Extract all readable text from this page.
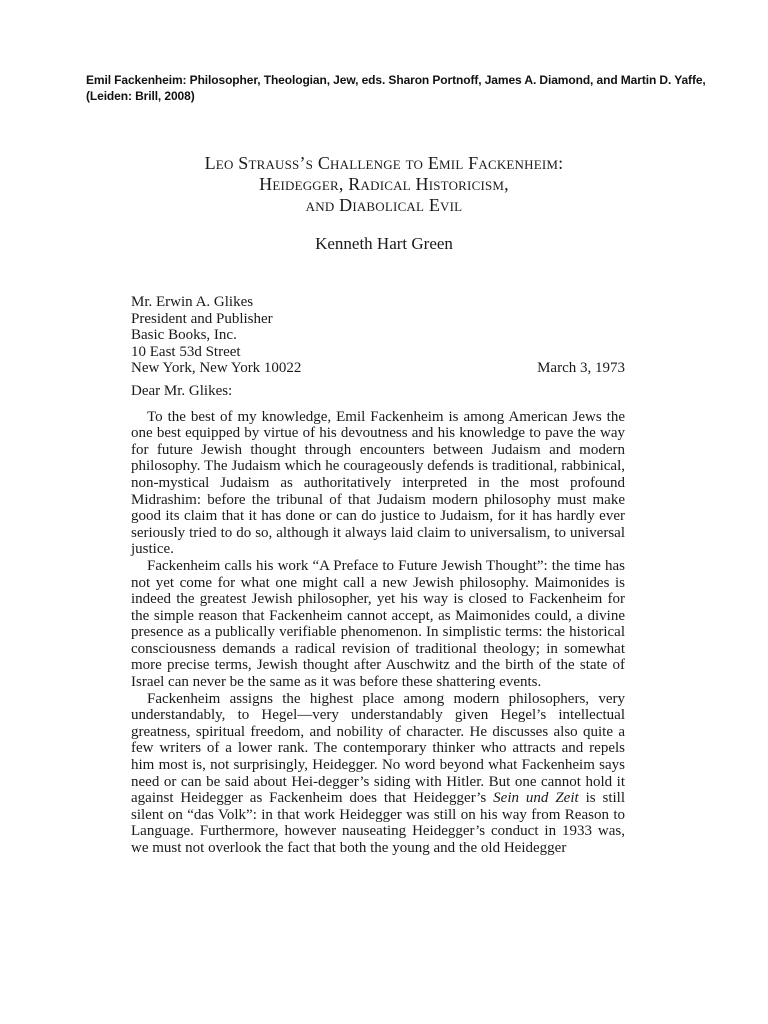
Emil Fackenheim: Philosopher, Theologian, Jew, eds. Sharon Portnoff, James A. Diamond, and Martin D. Yaffe,
(Leiden: Brill, 2008)
Leo Strauss’s Challenge to Emil Fackenheim:
Heidegger, Radical Historicism,
and Diabolical Evil
Kenneth Hart Green
Mr. Erwin A. Glikes
President and Publisher
Basic Books, Inc.
10 East 53d Street
New York, New York 10022	March 3, 1973
Dear Mr. Glikes:

To the best of my knowledge, Emil Fackenheim is among American Jews the one best equipped by virtue of his devoutness and his knowledge to pave the way for future Jewish thought through encounters between Judaism and modern philosophy. The Judaism which he courageously defends is traditional, rabbinical, non-mystical Judaism as authoritatively interpreted in the most profound Midrashim: before the tribunal of that Judaism modern philosophy must make good its claim that it has done or can do justice to Judaism, for it has hardly ever seriously tried to do so, although it always laid claim to universalism, to universal justice.

Fackenheim calls his work “A Preface to Future Jewish Thought”: the time has not yet come for what one might call a new Jewish philosophy. Maimonides is indeed the greatest Jewish philosopher, yet his way is closed to Fackenheim for the simple reason that Fackenheim cannot accept, as Maimonides could, a divine presence as a publically verifiable phenomenon. In simplistic terms: the historical consciousness demands a radical revision of traditional theology; in somewhat more precise terms, Jewish thought after Auschwitz and the birth of the state of Israel can never be the same as it was before these shattering events.

Fackenheim assigns the highest place among modern philosophers, very understandably, to Hegel—very understandably given Hegel’s intellectual greatness, spiritual freedom, and nobility of character. He discusses also quite a few writers of a lower rank. The contemporary thinker who attracts and repels him most is, not surprisingly, Heidegger. No word beyond what Fackenheim says need or can be said about Hei-degger’s siding with Hitler. But one cannot hold it against Heidegger as Fackenheim does that Heidegger’s Sein und Zeit is still silent on “das Volk”: in that work Heidegger was still on his way from Reason to Language. Furthermore, however nauseating Heidegger’s conduct in 1933 was, we must not overlook the fact that both the young and the old Heidegger
